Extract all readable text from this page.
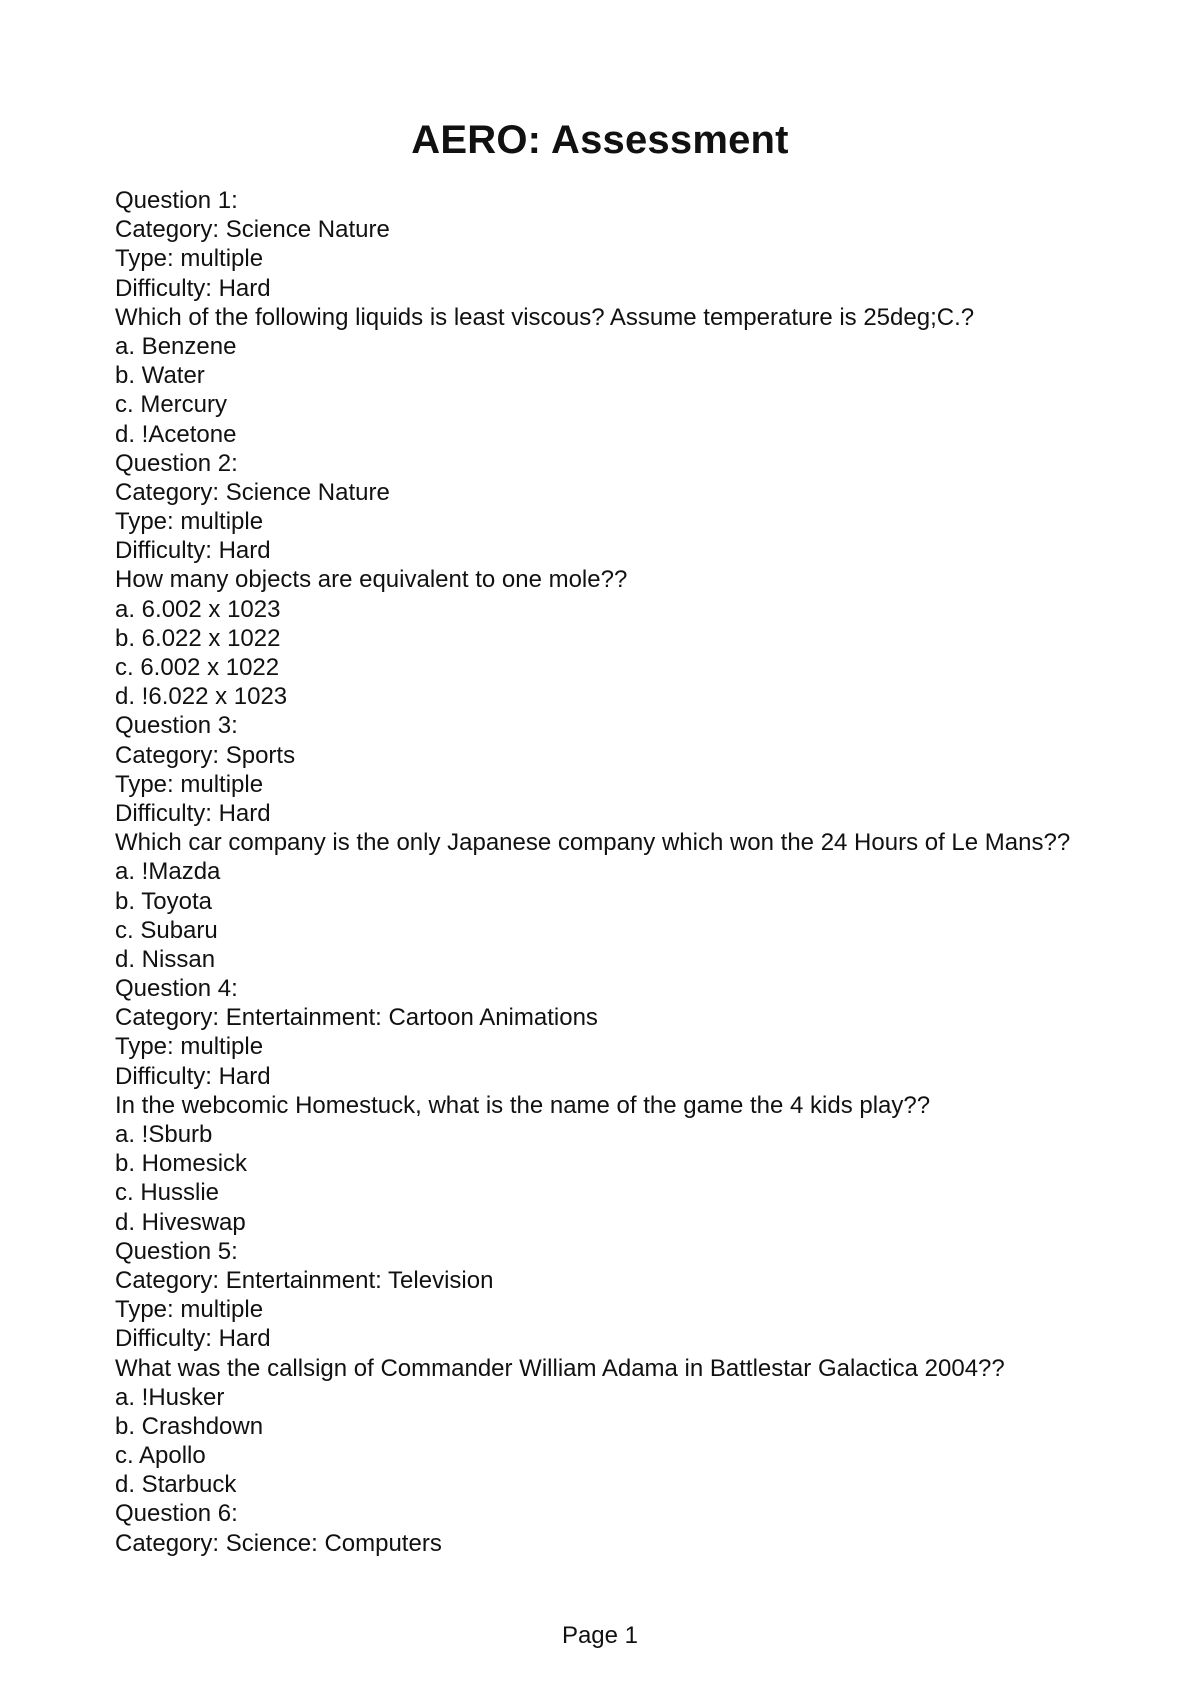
AERO: Assessment
Question 1:
Category: Science Nature
Type: multiple
Difficulty: Hard
Which of the following liquids is least viscous? Assume temperature is 25deg;C.?
a. Benzene
b. Water
c. Mercury
d. !Acetone
Question 2:
Category: Science Nature
Type: multiple
Difficulty: Hard
How many objects are equivalent to one mole??
a. 6.002 x 1023
b. 6.022 x 1022
c. 6.002 x 1022
d. !6.022 x 1023
Question 3:
Category: Sports
Type: multiple
Difficulty: Hard
Which car company is the only Japanese company which won the 24 Hours of Le Mans??
a. !Mazda
b. Toyota
c. Subaru
d. Nissan
Question 4:
Category: Entertainment: Cartoon Animations
Type: multiple
Difficulty: Hard
In the webcomic Homestuck, what is the name of the game the 4 kids play??
a. !Sburb
b. Homesick
c. Husslie
d. Hiveswap
Question 5:
Category: Entertainment: Television
Type: multiple
Difficulty: Hard
What was the callsign of Commander William Adama in Battlestar Galactica 2004??
a. !Husker
b. Crashdown
c. Apollo
d. Starbuck
Question 6:
Category: Science: Computers
Page 1
